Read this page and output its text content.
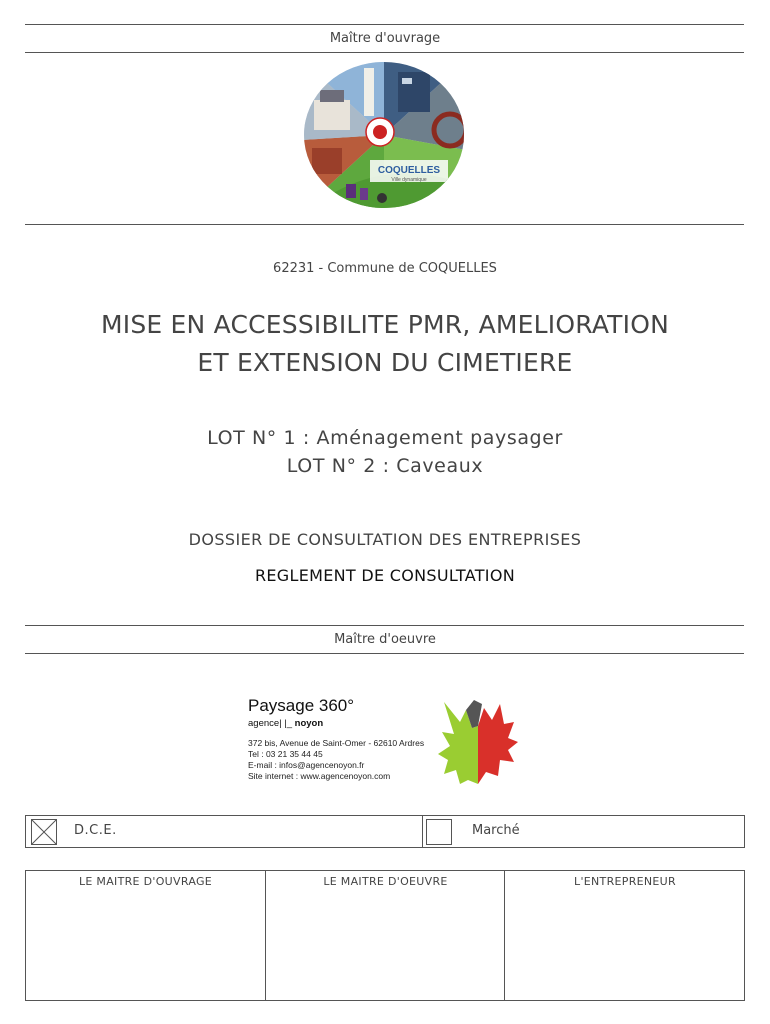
Maître d'ouvrage
COQUELLES
Ville dynamique
62231 - Commune de COQUELLES
MISE EN ACCESSIBILITE PMR, AMELIORATION
ET EXTENSION DU CIMETIERE
LOT N° 1 : Aménagement paysager
LOT N° 2 : Caveaux
DOSSIER DE CONSULTATION DES ENTREPRISES
REGLEMENT DE CONSULTATION
Maître d'oeuvre
Paysage 360°
agence| |_ noyon
372 bis, Avenue de Saint-Omer - 62610 Ardres
Tel : 03 21 35 44 45
E-mail : infos@agencenoyon.fr
Site internet : www.agencenoyon.com
D.C.E.	Marché
LE MAITRE D'OUVRAGE	LE MAITRE D'OEUVRE	L'ENTREPRENEUR
